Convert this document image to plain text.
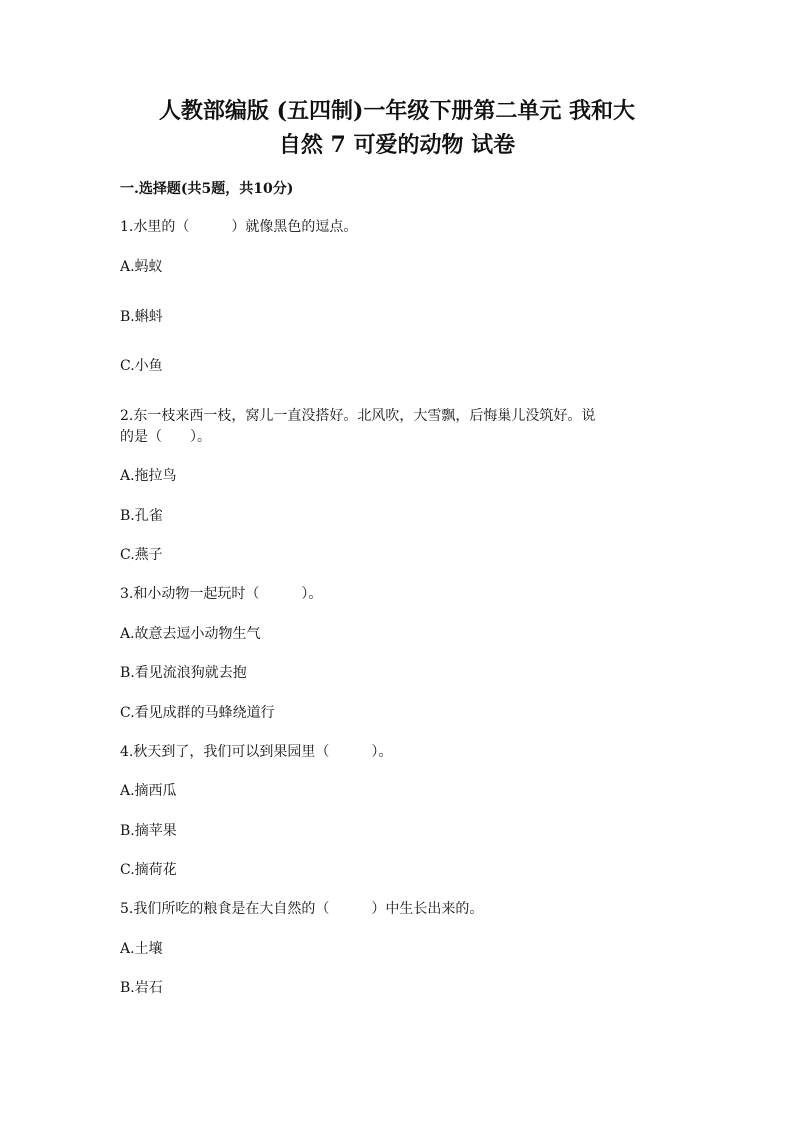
人教部编版 (五四制)一年级下册第二单元 我和大
自然 7 可爱的动物 试卷
一.选择题(共5题，共10分)
1.水里的（　　　）就像黑色的逗点。
A.蚂蚁
B.蝌蚪
C.小鱼
2.东一枝来西一枝，窝儿一直没搭好。北风吹，大雪飘，后悔巢儿没筑好。说
的是（　　）。
A.拖拉鸟
B.孔雀
C.燕子
3.和小动物一起玩时（　　　）。
A.故意去逗小动物生气
B.看见流浪狗就去抱
C.看见成群的马蜂绕道行
4.秋天到了，我们可以到果园里（　　　）。
A.摘西瓜
B.摘苹果
C.摘荷花
5.我们所吃的粮食是在大自然的（　　　）中生长出来的。
A.土壤
B.岩石
